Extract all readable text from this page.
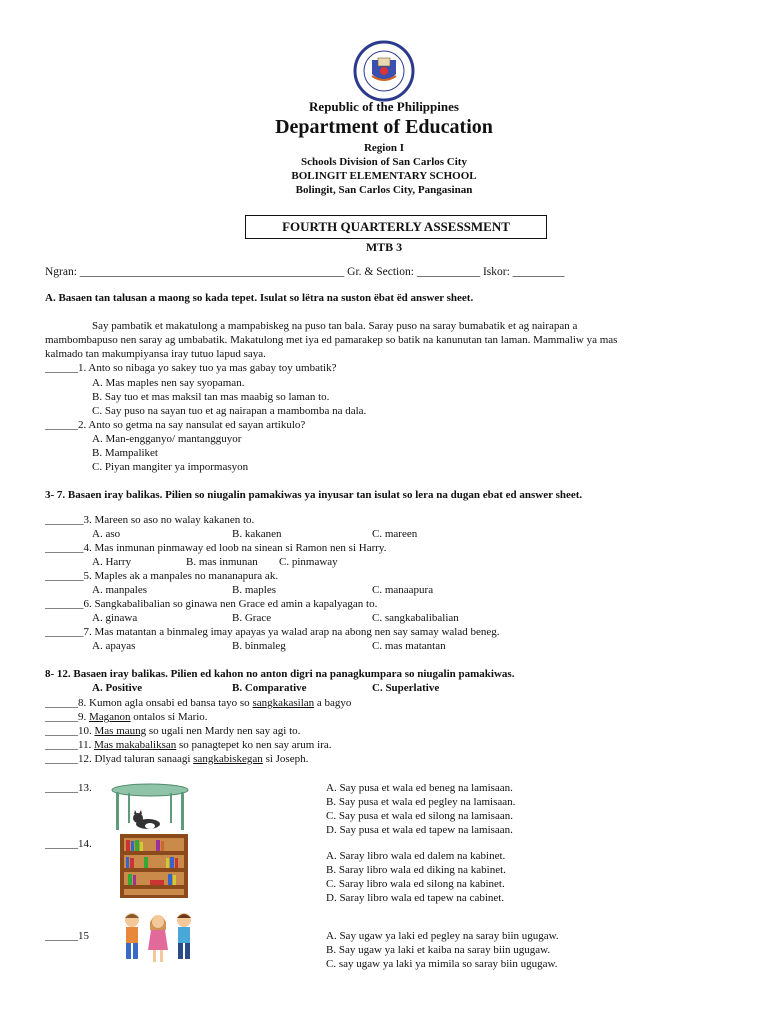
Republic of the Philippines
Department of Education
Region I
Schools Division of San Carlos City
BOLINGIT ELEMENTARY SCHOOL
Bolingit, San Carlos City, Pangasinan
FOURTH QUARTERLY ASSESSMENT
MTB 3
Ngran: ______________________________________________ Gr. & Section: ___________ Iskor: _________
A. Basaen tan talusan a maong so kada tepet. Isulat so lëtra na suston ëbat ëd answer sheet.
Say pambatik et makatulong a mampabiskeg na puso tan bala. Saray puso na saray bumabatik et ag nairapan a
mambombapuso nen saray ag umbabatik. Makatulong met iya ed pamarakep so batik na kanunutan tan laman. Mammaliw ya mas
kalmado tan makumpiyansa iray tutuo lapud saya.
______1. Anto so nibaga yo sakey tuo ya mas gabay toy umbatik?
A. Mas maples nen say syopaman.
B. Say tuo et mas maksil tan mas maabig so laman to.
C. Say puso na sayan tuo et ag nairapan a mambomba na dala.
______2. Anto so getma na say nansulat ed sayan artikulo?
A. Man-engganyo/ mantangguyor
B. Mampaliket
C. Piyan mangiter ya impormasyon
3- 7. Basaen iray balikas. Pilien so niugalin pamakiwas ya inyusar tan isulat so lera na dugan ebat ed answer sheet.
_______3. Mareen so aso no walay kakanen to.
A. aso	B. kakanen	C. mareen
_______4. Mas inmunan pinmaway ed loob na sinean si Ramon nen si Harry.
A. Harry	B. mas inmunan C. pinmaway
_______5. Maples ak a manpales no mananapura ak.
A. manpales	B. maples	C. manaapura
_______6. Sangkabalibalian so ginawa nen Grace ed amin a kapalyagan to.
A. ginawa	B. Grace	C. sangkabalibalian
_______7. Mas matantan a binmaleg imay apayas ya walad arap na abong nen say samay walad beneg.
A. apayas	B. binmaleg	C. mas matantan
8- 12. Basaen iray balikas. Pilien ed kahon no anton digri na panagkumpara so niugalin pamakiwas.
A. Positive	B. Comparative	C. Superlative
______8. Kumon agla onsabi ed bansa tayo so sangkakasilan a bagyo
______9. Maganon ontalos si Mario.
______10. Mas maung so ugali nen Mardy nen say agi to.
______11. Mas makabaliksan so panagtepet ko nen say arum ira.
______12. Dlyad taluran sanaagi sangkabiskegan si Joseph.
______13.	A. Say pusa et wala ed beneg na lamisaan.
B. Say pusa et wala ed pegley na lamisaan.
C. Say pusa et wala ed silong na lamisaan.
D. Say pusa et wala ed tapew na lamisaan.
______14.
A. Saray libro wala ed dalem na kabinet.
B. Saray libro wala ed diking na kabinet.
C. Saray libro wala ed silong na kabinet.
D. Saray libro wala ed tapew na cabinet.
______15	A. Say ugaw ya laki ed pegley na saray biin ugugaw.
B. Say ugaw ya laki et kaiba na saray biin ugugaw.
C. say ugaw ya laki ya mimila so saray biin ugugaw.
